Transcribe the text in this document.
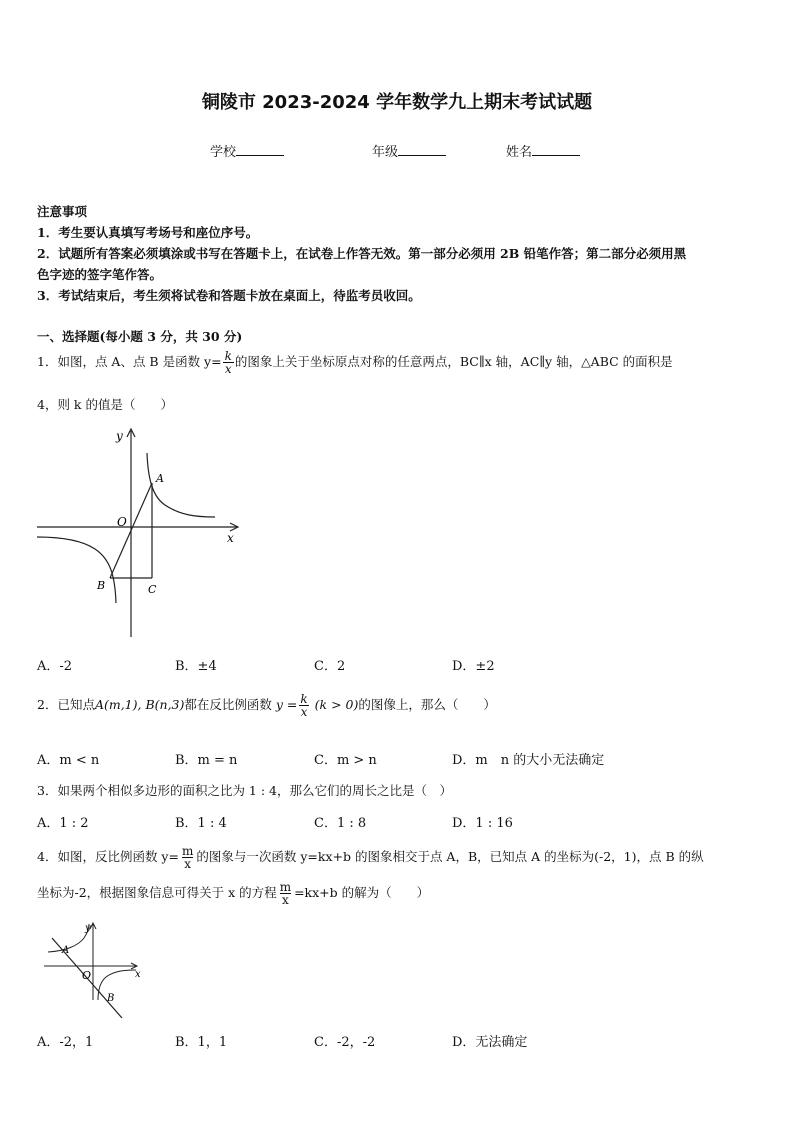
铜陵市 2023-2024 学年数学九上期末考试试题
学校	年级	姓名
注意事项
1．考生要认真填写考场号和座位序号。
2．试题所有答案必须填涂或书写在答题卡上，在试卷上作答无效。第一部分必须用 2B 铅笔作答；第二部分必须用黑
色字迹的签字笔作答。
3．考试结束后，考生须将试卷和答题卡放在桌面上，待监考员收回。
一、选择题(每小题 3 分，共 30 分)
1．如图，点 A、点 B 是函数 $y= \frac{k}{x}$ 的图象上关于坐标原点对称的任意两点，BC∥x 轴，AC∥y 轴，△ABC 的面积是
4，则 k 的值是（　　）
y
x
O
A
B	C
A．-2	B．±4	C．2	D．±2
2．已知点A(m,1), B(n,3)都在反比例函数 $y = \frac{k}{x} (k > 0)$的图像上，那么（　　）
A．m < n	B．m = n	C．m > n	D．m　n 的大小无法确定
3．如果两个相似多边形的面积之比为 1 : 4，那么它们的周长之比是（　）
A．1 : 2	B．1 : 4	C．1 : 8	D．1 : 16
4．如图，反比例函数 $y= \frac{m}{x}$ 的图象与一次函数 y=kx+b 的图象相交于点 A，B，已知点 A 的坐标为(-2，1)，点 B 的纵
坐标为-2，根据图象信息可得关于 x 的方程 $\frac{m}{x} =kx+b$ 的解为（　　）
y
x
O
A
B
A．-2，1	B．1，1	C．-2，-2	D．无法确定
